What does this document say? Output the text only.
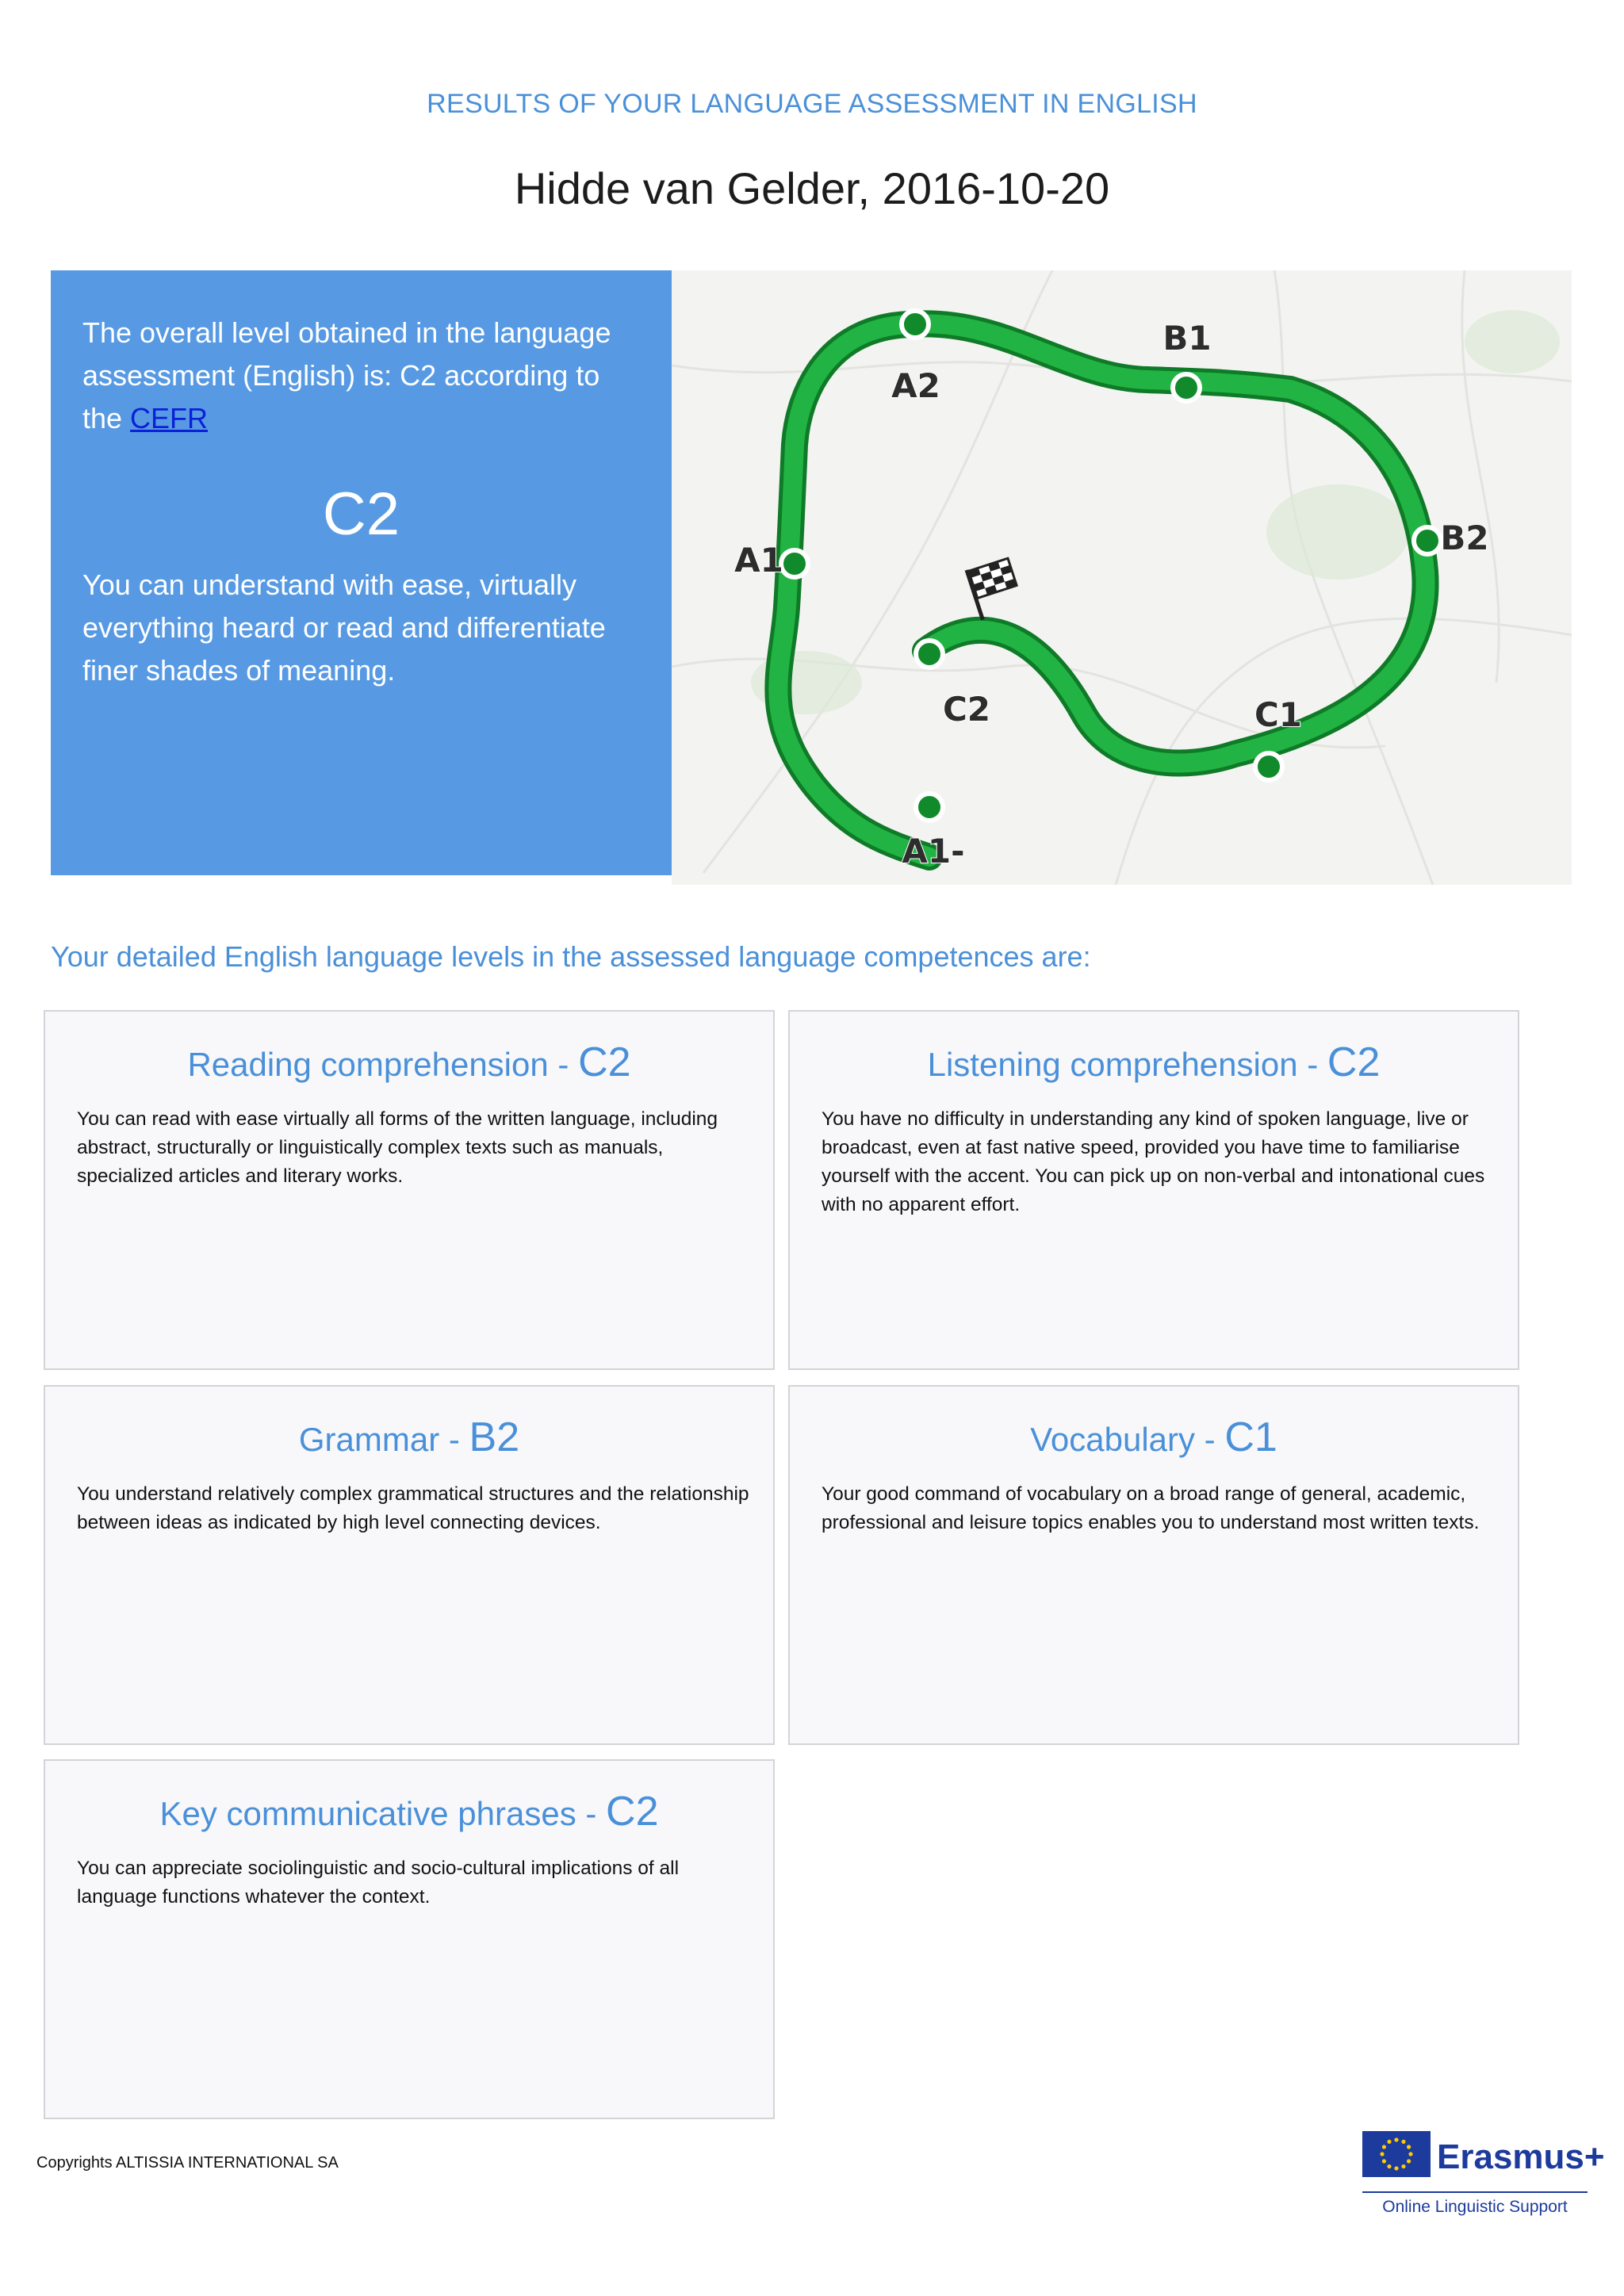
RESULTS OF YOUR LANGUAGE ASSESSMENT IN ENGLISH
Hidde van Gelder, 2016-10-20
The overall level obtained in the language assessment (English) is: C2 according to the CEFR
C2
You can understand with ease, virtually everything heard or read and differentiate finer shades of meaning.
A1-
A1
A2
B1
B2
C1
C2
Your detailed English language levels in the assessed language competences are:
Reading comprehension - C2
You can read with ease virtually all forms of the written language, including abstract, structurally or linguistically complex texts such as manuals, specialized articles and literary works.
Listening comprehension - C2
You have no difficulty in understanding any kind of spoken language, live or broadcast, even at fast native speed, provided you have time to familiarise yourself with the accent. You can pick up on non-verbal and intonational cues with no apparent effort.
Grammar - B2
You understand relatively complex grammatical structures and the relationship between ideas as indicated by high level connecting devices.
Vocabulary - C1
Your good command of vocabulary on a broad range of general, academic, professional and leisure topics enables you to understand most written texts.
Key communicative phrases - C2
You can appreciate sociolinguistic and socio-cultural implications of all language functions whatever the context.
Copyrights ALTISSIA INTERNATIONAL SA	Erasmus+
Online Linguistic Support
